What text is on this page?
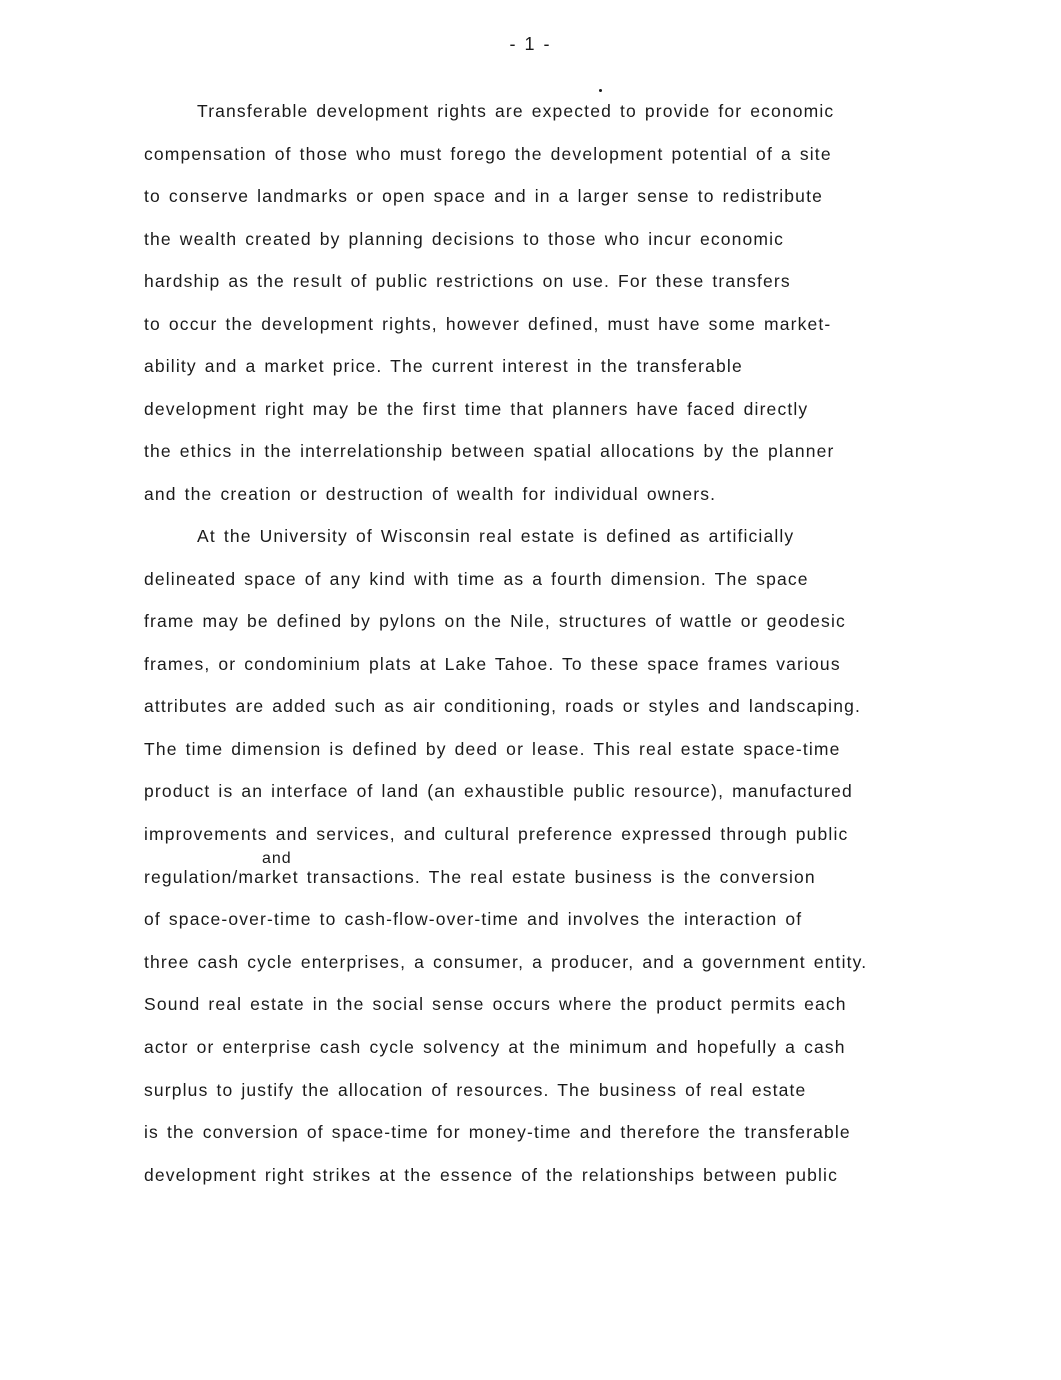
- 1 -
Transferable development rights are expected to provide for economic
compensation of those who must forego the development potential of a site
to conserve landmarks or open space and in a larger sense to redistribute
the wealth created by planning decisions to those who incur economic
hardship as the result of public restrictions on use. For these transfers
to occur the development rights, however defined, must have some market-
ability and a market price. The current interest in the transferable
development right may be the first time that planners have faced directly
the ethics in the interrelationship between spatial allocations by the planner
and the creation or destruction of wealth for individual owners.
At the University of Wisconsin real estate is defined as artificially
delineated space of any kind with time as a fourth dimension. The space
frame may be defined by pylons on the Nile, structures of wattle or geodesic
frames, or condominium plats at Lake Tahoe. To these space frames various
attributes are added such as air conditioning, roads or styles and landscaping.
The time dimension is defined by deed or lease. This real estate space-time
product is an interface of land (an exhaustible public resource), manufactured
improvements and services, and cultural preference expressed through public
and
regulation/market transactions. The real estate business is the conversion
of space-over-time to cash-flow-over-time and involves the interaction of
three cash cycle enterprises, a consumer, a producer, and a government entity.
Sound real estate in the social sense occurs where the product permits each
actor or enterprise cash cycle solvency at the minimum and hopefully a cash
surplus to justify the allocation of resources. The business of real estate
is the conversion of space-time for money-time and therefore the transferable
development right strikes at the essence of the relationships between public
